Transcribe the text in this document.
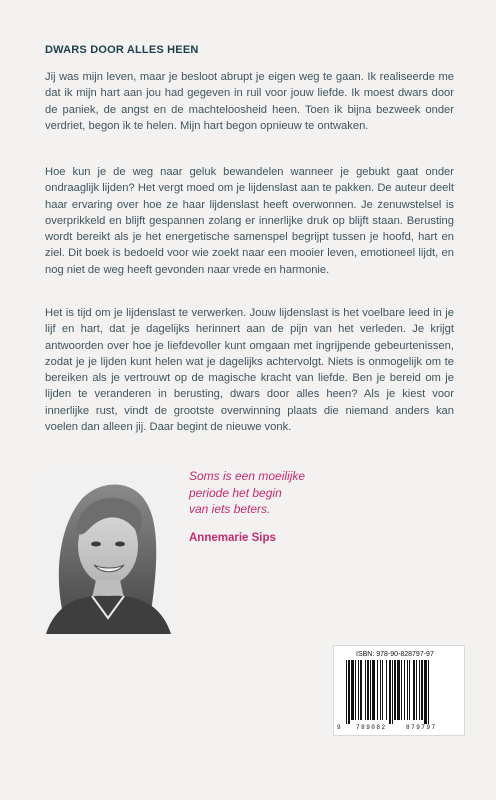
DWARS DOOR ALLES HEEN

Jij was mijn leven, maar je besloot abrupt je eigen weg te gaan. Ik realiseerde me dat ik mijn hart aan jou had gegeven in ruil voor jouw liefde. Ik moest dwars door de paniek, de angst en de machteloosheid heen. Toen ik bijna bezweek onder verdriet, begon ik te helen. Mijn hart begon opnieuw te ontwaken.

Hoe kun je de weg naar geluk bewandelen wanneer je gebukt gaat onder ondraaglijk lijden? Het vergt moed om je lijdenslast aan te pakken. De auteur deelt haar ervaring over hoe ze haar lijdenslast heeft overwonnen. Je zenuwstelsel is overprikkeld en blijft gespannen zolang er innerlijke druk op blijft staan. Berusting wordt bereikt als je het energetische samenspel begrijpt tussen je hoofd, hart en ziel. Dit boek is bedoeld voor wie zoekt naar een mooier leven, emotioneel lijdt, en nog niet de weg heeft gevonden naar vrede en harmonie.

Het is tijd om je lijdenslast te verwerken. Jouw lijdenslast is het voelbare leed in je lijf en hart, dat je dagelijks herinnert aan de pijn van het verleden. Je krijgt antwoorden over hoe je liefdevoller kunt omgaan met ingrijpende gebeurtenissen, zodat je je lijden kunt helen wat je dagelijks achtervolgt. Niets is onmogelijk om te bereiken als je vertrouwt op de magische kracht van liefde. Ben je bereid om je lijden te veranderen in berusting, dwars door alles heen? Als je kiest voor innerlijke rust, vindt de grootste overwinning plaats die niemand anders kan voelen dan alleen jij. Daar begint de nieuwe vonk.

Soms is een moeilijke
periode het begin
van iets beters.
Annemarie Sips
ISBN: 978-90-828797-97
9	789082	879797
